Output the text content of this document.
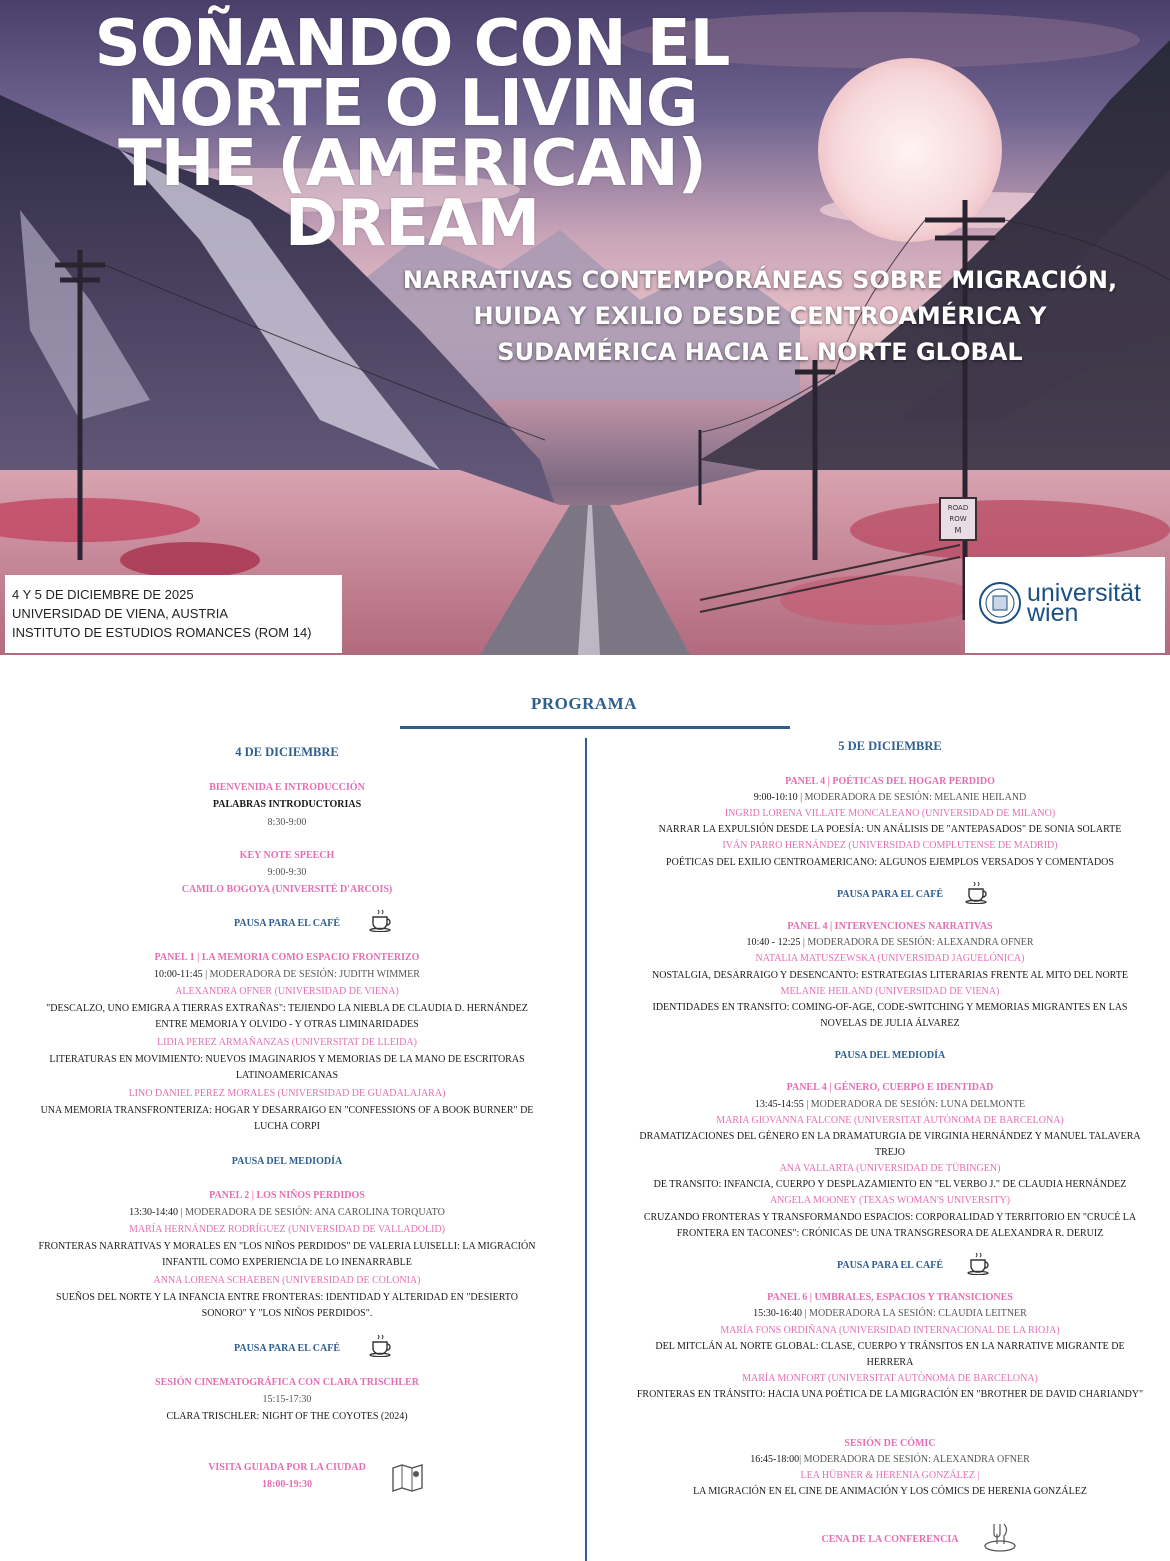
ROAD
ROW
M
SOÑANDO CON EL NORTE O LIVING THE (AMERICAN) DREAM
NARRATIVAS CONTEMPORÁNEAS SOBRE MIGRACIÓN, HUIDA Y EXILIO DESDE CENTROAMÉRICA Y SUDAMÉRICA HACIA EL NORTE GLOBAL
4 Y 5 DE DICIEMBRE DE 2025
UNIVERSIDAD DE VIENA, AUSTRIA
INSTITUTO DE ESTUDIOS ROMANCES (ROM 14)
universität
wien
PROGRAMA
4 DE DICIEMBRE
BIENVENIDA E INTRODUCCIÓN
PALABRAS INTRODUCTORIAS
8:30-9:00
KEY NOTE SPEECH
9:00-9:30
CAMILO BOGOYA (UNIVERSITÉ D'ARCOIS)
PAUSA PARA EL CAFÉ
PANEL 1 | LA MEMORIA COMO ESPACIO FRONTERIZO
10:00-11:45 | MODERADORA DE SESIÓN: JUDITH WIMMER
ALEXANDRA OFNER (UNIVERSIDAD DE VIENA)
"DESCALZO, UNO EMIGRA A TIERRAS EXTRAÑAS": TEJIENDO LA NIEBLA DE CLAUDIA D. HERNÁNDEZ ENTRE MEMORIA Y OLVIDO - Y OTRAS LIMINARIDADES
LIDIA PEREZ ARMAÑANZAS (UNIVERSITAT DE LLEIDA)
LITERATURAS EN MOVIMIENTO: NUEVOS IMAGINARIOS Y MEMORIAS DE LA MANO DE ESCRITORAS LATINOAMERICANAS
LINO DANIEL PEREZ MORALES (UNIVERSIDAD DE GUADALAJARA)
UNA MEMORIA TRANSFRONTERIZA: HOGAR Y DESARRAIGO EN "CONFESSIONS OF A BOOK BURNER" DE LUCHA CORPI
PAUSA DEL MEDIODÍA
PANEL 2 | LOS NIÑOS PERDIDOS
13:30-14:40 | MODERADORA DE SESIÓN: ANA CAROLINA TORQUATO
MARÍA HERNÁNDEZ RODRÍGUEZ (UNIVERSIDAD DE VALLADOLID)
FRONTERAS NARRATIVAS Y MORALES EN "LOS NIÑOS PERDIDOS" DE VALERIA LUISELLI: LA MIGRACIÓN INFANTIL COMO EXPERIENCIA DE LO INENARRABLE
ANNA LORENA SCHAEBEN (UNIVERSIDAD DE COLONIA)
SUEÑOS DEL NORTE Y LA INFANCIA ENTRE FRONTERAS: IDENTIDAD Y ALTERIDAD EN "DESIERTO SONORO" Y "LOS NIÑOS PERDIDOS".
PAUSA PARA EL CAFÉ
SESIÓN CINEMATOGRÁFICA CON CLARA TRISCHLER
15:15-17:30
CLARA TRISCHLER: NIGHT OF THE COYOTES (2024)
VISITA GUIADA POR LA CIUDAD
18:00-19:30
5 DE DICIEMBRE
PANEL 4 | POÉTICAS DEL HOGAR PERDIDO
9:00-10:10 | MODERADORA DE SESIÓN: MELANIE HEILAND
INGRID LORENA VILLATE MONCALEANO (UNIVERSIDAD DE MILANO)
NARRAR LA EXPULSIÓN DESDE LA POESÍA: UN ANÁLISIS DE "ANTEPASADOS" DE SONIA SOLARTE
IVÁN PARRO HERNÁNDEZ (UNIVERSIDAD COMPLUTENSE DE MADRID)
POÉTICAS DEL EXILIO CENTROAMERICANO: ALGUNOS EJEMPLOS VERSADOS Y COMENTADOS
PAUSA PARA EL CAFÉ
PANEL 4 | INTERVENCIONES NARRATIVAS
10:40 - 12:25 | MODERADORA DE SESIÓN: ALEXANDRA OFNER
NATALIA MATUSZEWSKA (UNIVERSIDAD JAGUELÓNICA)
NOSTALGIA, DESARRAIGO Y DESENCANTO: ESTRATEGIAS LITERARIAS FRENTE AL MITO DEL NORTE
MELANIE HEILAND (UNIVERSIDAD DE VIENA)
IDENTIDADES EN TRANSITO: COMING-OF-AGE, CODE-SWITCHING Y MEMORIAS MIGRANTES EN LAS NOVELAS DE JULIA ÁLVAREZ
PAUSA DEL MEDIODÍA
PANEL 4 | GÉNERO, CUERPO E IDENTIDAD
13:45-14:55 | MODERADORA DE SESIÓN: LUNA DELMONTE
MARIA GIOVANNA FALCONE (UNIVERSITAT AUTÒNOMA DE BARCELONA)
DRAMATIZACIONES DEL GÉNERO EN LA DRAMATURGIA DE VIRGINIA HERNÁNDEZ Y MANUEL TALAVERA TREJO
ANA VALLARTA (UNIVERSIDAD DE TÜBINGEN)
DE TRANSITO: INFANCIA, CUERPO Y DESPLAZAMIENTO EN "EL VERBO J." DE CLAUDIA HERNÁNDEZ
ANGELA MOONEY (TEXAS WOMAN'S UNIVERSITY)
CRUZANDO FRONTERAS Y TRANSFORMANDO ESPACIOS: CORPORALIDAD Y TERRITORIO EN "CRUCÉ LA FRONTERA EN TACONES": CRÓNICAS DE UNA TRANSGRESORA DE ALEXANDRA R. DERUIZ
PAUSA PARA EL CAFÉ
PANEL 6 | UMBRALES, ESPACIOS Y TRANSICIONES
15:30-16:40 | MODERADORA LA SESIÓN: CLAUDIA LEITNER
MARÍA FONS ORDIÑANA (UNIVERSIDAD INTERNACIONAL DE LA RIOJA)
DEL MITCLÁN AL NORTE GLOBAL: CLASE, CUERPO Y TRÁNSITOS EN LA NARRATIVE MIGRANTE DE HERRERA
MARÍA MONFORT (UNIVERSITAT AUTÒNOMA DE BARCELONA)
FRONTERAS EN TRÁNSITO: HACIA UNA POÉTICA DE LA MIGRACIÓN EN "BROTHER DE DAVID CHARIANDY"
SESIÓN DE CÓMIC
16:45-18:00| MODERADORA DE SESIÓN: ALEXANDRA OFNER
LEA HÜBNER & HERENIA GONZÁLEZ |
LA MIGRACIÓN EN EL CINE DE ANIMACIÓN Y LOS CÓMICS DE HERENIA GONZÁLEZ
CENA DE LA CONFERENCIA
